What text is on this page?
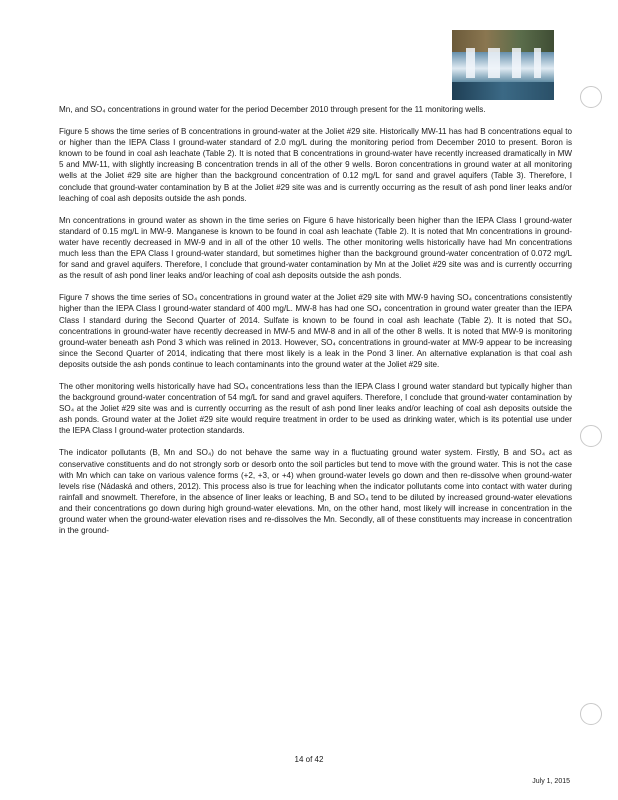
Mn, and SO₄ concentrations in ground water for the period December 2010 through present for the 11 monitoring wells.

Figure 5 shows the time series of B concentrations in ground-water at the Joliet #29 site. Historically MW-11 has had B concentrations equal to or higher than the IEPA Class I ground-water standard of 2.0 mg/L during the monitoring period from December 2010 to present. Boron is known to be found in coal ash leachate (Table 2). It is noted that B concentrations in ground-water have recently increased dramatically in MW 5 and MW-11, with slightly increasing B concentration trends in all of the other 9 wells. Boron concentrations in ground water at all monitoring wells at the Joliet #29 site are higher than the background concentration of 0.12 mg/L for sand and gravel aquifers (Table 3). Therefore, I conclude that ground-water contamination by B at the Joliet #29 site was and is currently occurring as the result of ash pond liner leaks and/or leaching of coal ash deposits outside the ash ponds.

Mn concentrations in ground water as shown in the time series on Figure 6 have historically been higher than the IEPA Class I ground-water standard of 0.15 mg/L in MW-9. Manganese is known to be found in coal ash leachate (Table 2). It is noted that Mn concentrations in ground-water have recently decreased in MW-9 and in all of the other 10 wells. The other monitoring wells historically have had Mn concentrations much less than the EPA Class I ground-water standard, but sometimes higher than the background ground-water concentration of 0.072 mg/L for sand and gravel aquifers. Therefore, I conclude that ground-water contamination by Mn at the Joliet #29 site was and is currently occurring as the result of ash pond liner leaks and/or leaching of coal ash deposits outside the ash ponds.

Figure 7 shows the time series of SO₄ concentrations in ground water at the Joliet #29 site with MW-9 having SO₄ concentrations consistently higher than the IEPA Class I ground-water standard of 400 mg/L. MW-8 has had one SO₄ concentration in ground water greater than the IEPA Class I standard during the Second Quarter of 2014. Sulfate is known to be found in coal ash leachate (Table 2). It is noted that SO₄ concentrations in ground-water have recently decreased in MW-5 and MW-8 and in all of the other 8 wells. It is noted that MW-9 is monitoring ground-water beneath ash Pond 3 which was relined in 2013. However, SO₄ concentrations in ground-water at MW-9 appear to be increasing since the Second Quarter of 2014, indicating that there most likely is a leak in the Pond 3 liner. An alternative explanation is that coal ash deposits outside the ash ponds continue to leach contaminants into the ground water at the Joliet #29 site.

The other monitoring wells historically have had SO₄ concentrations less than the IEPA Class I ground water standard but typically higher than the background ground-water concentration of 54 mg/L for sand and gravel aquifers. Therefore, I conclude that ground-water contamination by SO₄ at the Joliet #29 site was and is currently occurring as the result of ash pond liner leaks and/or leaching of coal ash deposits outside the ash ponds. Ground water at the Joliet #29 site would require treatment in order to be used as drinking water, which is its potential use under the IEPA Class I ground-water protection standards.

The indicator pollutants (B, Mn and SO₄) do not behave the same way in a fluctuating ground water system. Firstly, B and SO₄ act as conservative constituents and do not strongly sorb or desorb onto the soil particles but tend to move with the ground water. This is not the case with Mn which can take on various valence forms (+2, +3, or +4) when ground-water levels go down and then re-dissolve when ground-water levels rise (Nádaská and others, 2012). This process also is true for leaching when the indicator pollutants come into contact with water during rainfall and snowmelt. Therefore, in the absence of liner leaks or leaching, B and SO₄ tend to be diluted by increased ground-water elevations and their concentrations go down during high ground-water elevations. Mn, on the other hand, most likely will increase in concentration in the ground water when the ground-water elevation rises and re-dissolves the Mn. Secondly, all of these constituents may increase in concentration in the ground-

14 of 42
July 1, 2015
